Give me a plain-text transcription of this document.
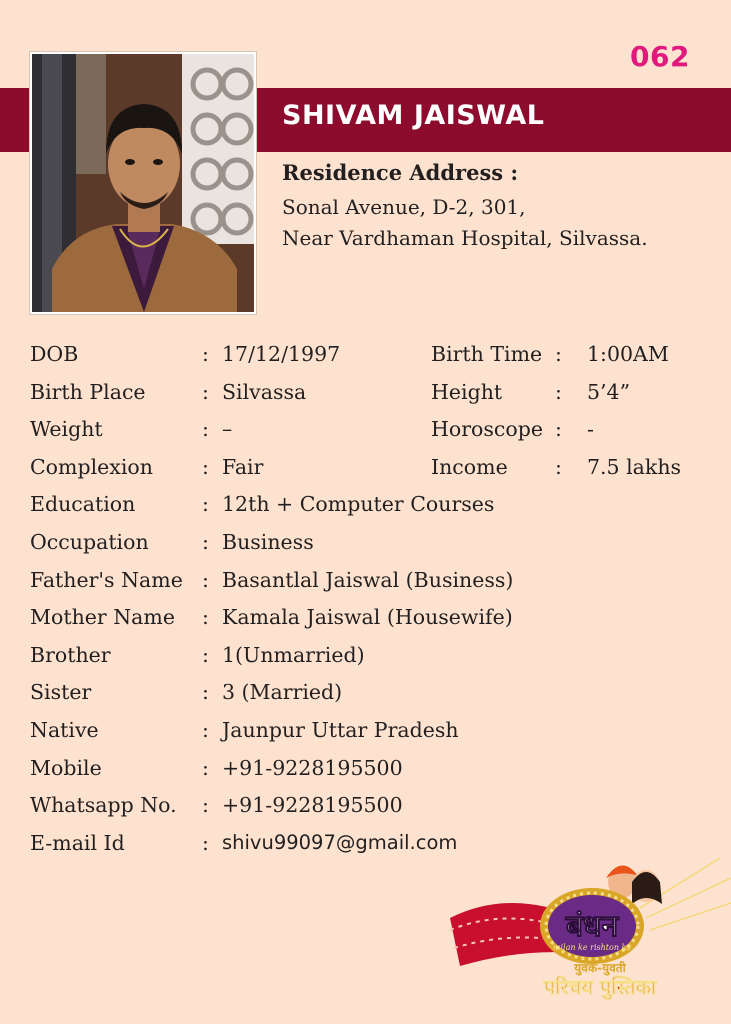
062
SHIVAM JAISWAL
Residence Address :
Sonal Avenue, D-2, 301,
Near Vardhaman Hospital, Silvassa.
DOB	: 17/12/1997	Birth Time : 1:00AM
Birth Place	: Silvassa	Height	: 5’4”
Weight	: –	Horoscope : -
Complexion : Fair	Income : 7.5 lakhs
Education	: 12th + Computer Courses
Occupation	: Business
Father's Name : Basantlal Jaiswal (Business)
Mother Name : Kamala Jaiswal (Housewife)
Brother	: 1(Unmarried)
Sister	: 3 (Married)
Native	: Jaunpur Uttar Pradesh
Mobile	: +91-9228195500
Whatsapp No. : +91-9228195500
E-mail Id	: shivu99097@gmail.com
बंधन
milan ke rishton ka
युवक-युवती
परिचय पुस्तिका
